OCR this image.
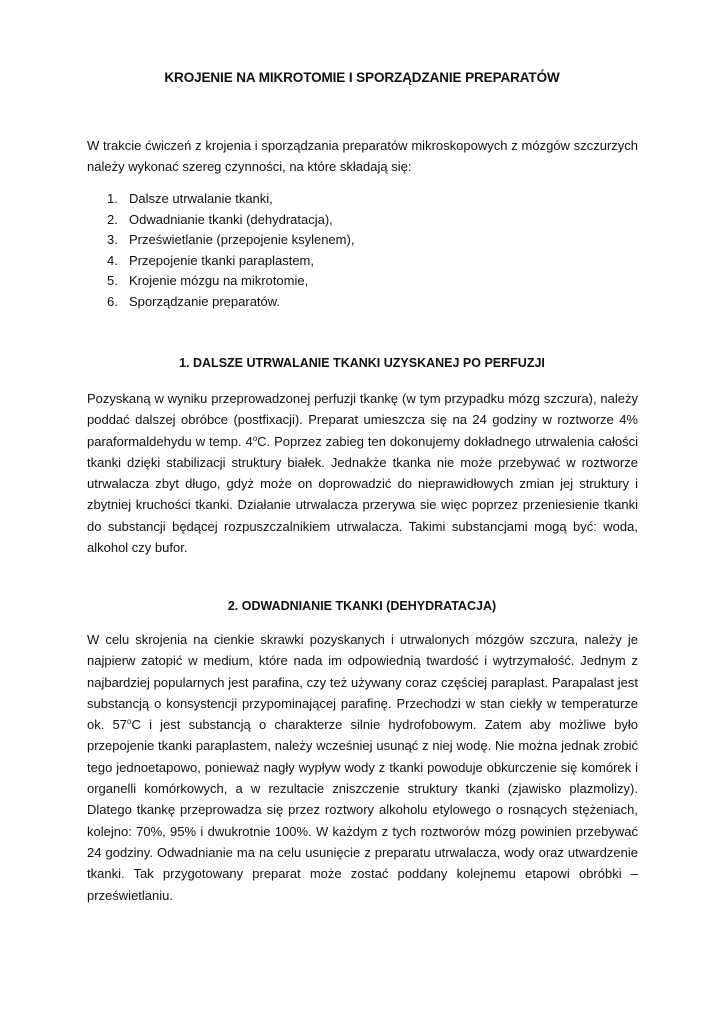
KROJENIE NA MIKROTOMIE I SPORZĄDZANIE PREPARATÓW
W trakcie ćwiczeń z krojenia i sporządzania preparatów mikroskopowych z mózgów szczurzych należy wykonać szereg czynności, na które składają się:
1. Dalsze utrwalanie tkanki,
2. Odwadnianie tkanki (dehydratacja),
3. Prześwietlanie (przepojenie ksylenem),
4. Przepojenie tkanki paraplastem,
5. Krojenie mózgu na mikrotomie,
6. Sporządzanie preparatów.
1. DALSZE UTRWALANIE TKANKI UZYSKANEJ PO PERFUZJI
Pozyskaną w wyniku przeprowadzonej perfuzji tkankę (w tym przypadku mózg szczura), należy poddać dalszej obróbce (postfixacji). Preparat umieszcza się na 24 godziny w roztworze 4% paraformaldehydu w temp. 4$^o$C. Poprzez zabieg ten dokonujemy dokładnego utrwalenia całości tkanki dzięki stabilizacji struktury białek. Jednakże tkanka nie może przebywać w roztworze utrwalacza zbyt długo, gdyż może on doprowadzić do nieprawidłowych zmian jej struktury i zbytniej kruchości tkanki. Działanie utrwalacza przerywa sie więc poprzez przeniesienie tkanki do substancji będącej rozpuszczalnikiem utrwalacza. Takimi substancjami mogą być: woda, alkohol czy bufor.
2. ODWADNIANIE TKANKI (DEHYDRATACJA)
W celu skrojenia na cienkie skrawki pozyskanych i utrwalonych mózgów szczura, należy je najpierw zatopić w medium, które nada im odpowiednią twardość i wytrzymałość. Jednym z najbardziej popularnych jest parafina, czy też używany coraz częściej paraplast. Parapalast jest substancją o konsystencji przypominającej parafinę. Przechodzi w stan ciekły w temperaturze ok. 57$^o$C i jest substancją o charakterze silnie hydrofobowym. Zatem aby możliwe było przepojenie tkanki paraplastem, należy wcześniej usunąć z niej wodę. Nie można jednak zrobić tego jednoetapowo, ponieważ nagły wypływ wody z tkanki powoduje obkurczenie się komórek i organelli komórkowych, a w rezultacie zniszczenie struktury tkanki (zjawisko plazmolizy). Dlatego tkankę przeprowadza się przez roztwory alkoholu etylowego o rosnących stężeniach, kolejno: 70%, 95% i dwukrotnie 100%. W każdym z tych roztworów mózg powinien przebywać 24 godziny. Odwadnianie ma na celu usunięcie z preparatu utrwalacza, wody oraz utwardzenie tkanki. Tak przygotowany preparat może zostać poddany kolejnemu etapowi obróbki – prześwietlaniu.
